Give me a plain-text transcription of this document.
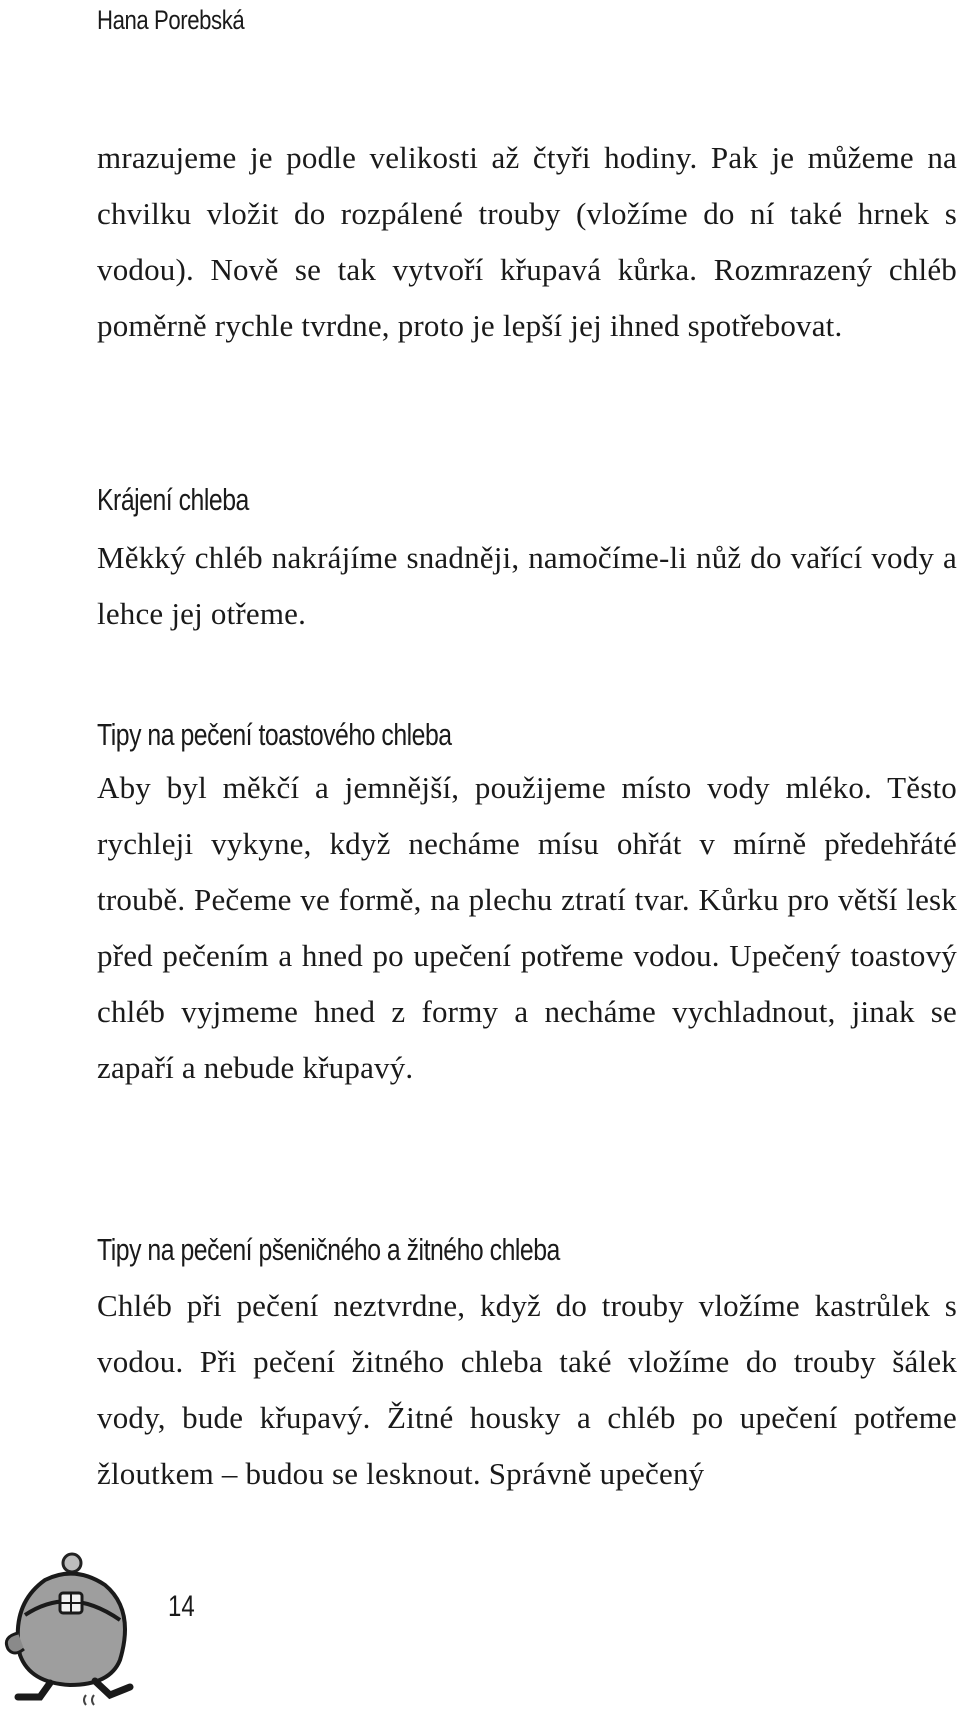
Hana Porebská

mrazujeme je podle velikosti až čtyři hodiny. Pak je můžeme na chvilku vložit do rozpálené trouby (vložíme do ní také hrnek s vodou). Nově se tak vytvoří křupavá kůrka. Rozmrazený chléb poměrně rychle tvrdne, proto je lepší jej ihned spotřebovat.

Krájení chleba

Měkký chléb nakrájíme snadněji, namočíme-li nůž do vařící vody a lehce jej otřeme.

Tipy na pečení toastového chleba

Aby byl měkčí a jemnější, použijeme místo vody mléko. Těsto rychleji vykyne, když necháme mísu ohřát v mírně předehřáté troubě. Pečeme ve formě, na plechu ztratí tvar. Kůrku pro větší lesk před pečením a hned po upečení potřeme vodou. Upečený toastový chléb vyjmeme hned z formy a necháme vychladnout, jinak se zapaří a nebude křupavý.

Tipy na pečení pšeničného a žitného chleba

Chléb při pečení neztvrdne, když do trouby vložíme kastrůlek s vodou. Při pečení žitného chleba také vložíme do trouby šálek vody, bude křupavý. Žitné housky a chléb po upečení potřeme žloutkem – budou se lesknout. Správně upečený

14
